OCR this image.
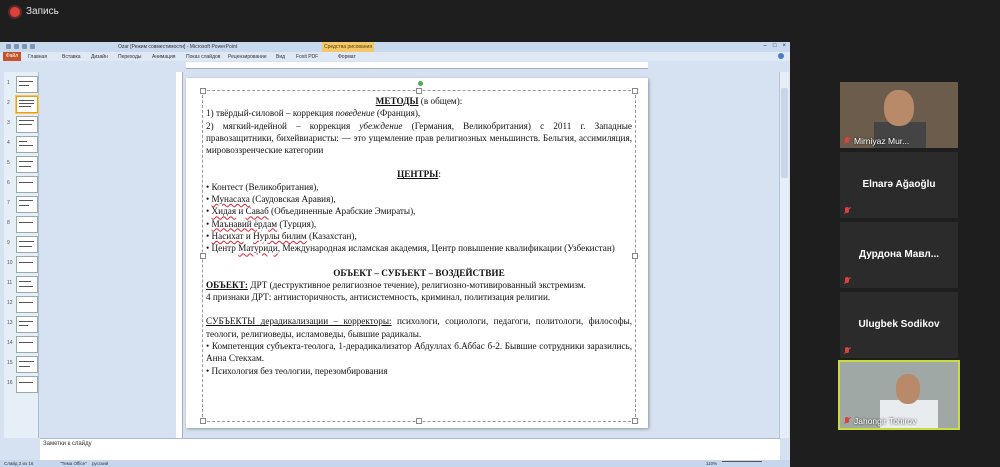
Запись
Ozar [Режим совместимости] - Microsoft PowerPoint	Средства рисования	– □ ×
Файл	Главная	Вставка Дизайн Переходы Анимация Показ слайдов Рецензирование Вид Foxit PDF	Формат
1
2
3
4
5
6
7
8
9
10
11
12
13
14
15
16

МЕТОДЫ (в общем):

1) твёрдый-силовой – коррекция поведение (Франция),

2) мягкий-идейной – коррекция убеждение (Германия, Великобритания) с 2011 г. Западные правозащитники, бихейвиаристы: — это ущемление прав религиозных меньшинств. Бельгия, ассимиляция, мировоззренческие категории

ЦЕНТРЫ:

• Контест (Великобритания),

• Мунасаха (Саудовская Аравия),

• Хидая и Саваб (Объединенные Арабские Эмираты),

• Маънавий ёрдам (Турция),

• Насихат и Нурлы билим (Казахстан),

• Центр Матуриди, Международная исламская академия, Центр повышение квалификации (Узбекистан)

ОБЪЕКТ – СУБЪЕКТ – ВОЗДЕЙСТВИЕ

ОБЪЕКТ: ДРТ (деструктивное религиозное течение), религиозно-мотивированный экстремизм.

4 признаки ДРТ: антиисторичность, антисистемность, криминал, политизация религии.

СУБЪЕКТЫ дерадикализации – корректоры: психологи, социологи, педагоги, политологи, философы, теологи, религиоведы, исламоведы, бывшие радикалы.

• Компетенция субъекта-теолога, 1-дерадикализатор Абдуллах б.Аббас б-2. Бывшие сотрудники заразились, Анна Стекхам.

• Психология без теологии, перезомбирования

Заметки к слайду
Слайд 2 из 16	"Тема Office" русский	110%
Mirniyaz Mur...
Elnarə Ağaoğlu
Дурдона Мавл...
Ulugbek Sodikov
Jahongir Tohirov
